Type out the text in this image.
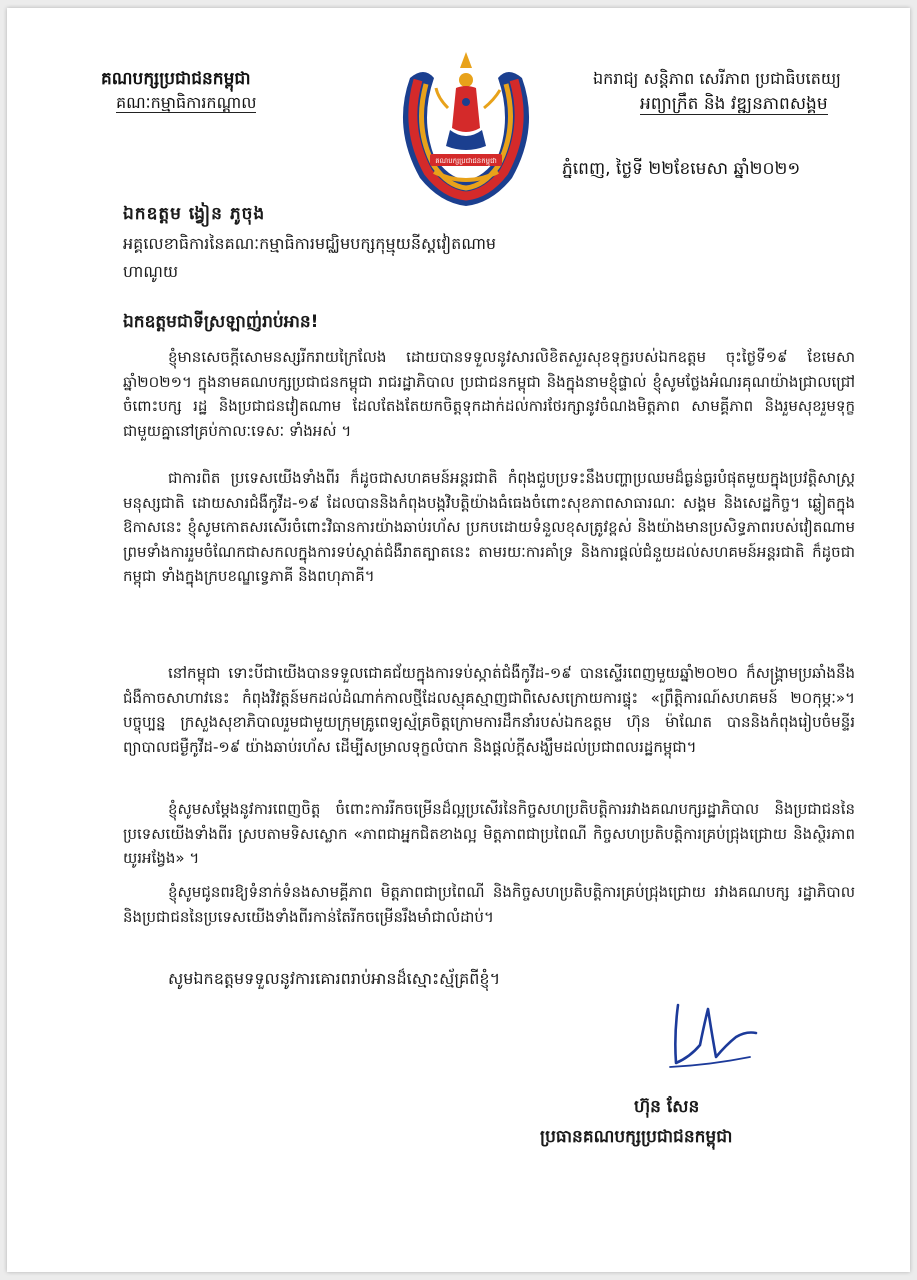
គណបក្សប្រជាជនកម្ពុជា
គណៈកម្មាធិការកណ្តាល
គណបក្សប្រជាជនកម្ពុជា
ឯករាជ្យ សន្តិភាព សេរីភាព ប្រជាធិបតេយ្យ
អព្យាក្រឹត និង វឌ្ឍនភាពសង្គម
ភ្នំពេញ, ថ្ងៃទី ២២ខែមេសា ឆ្នាំ២០២១
ឯកឧត្តម ង្វៀន ភូ​ចុង
អគ្គលេខាធិការនៃគណៈកម្មាធិការមជ្ឈិមបក្សកុម្មុយនីស្តវៀតណាម
ហាណូយ
ឯកឧត្តមជាទីស្រឡាញ់រាប់អាន!
ខ្ញុំមានសេចក្តីសោមនស្សរីករាយក្រៃលែង ដោយបានទទួលនូវសារលិខិតសួរសុខទុក្ខរបស់ឯកឧត្តម ចុះថ្ងៃទី១៩ ខែមេសា ឆ្នាំ២០២១។ ក្នុងនាមគណបក្សប្រជាជនកម្ពុជា រាជរដ្ឋាភិបាល ប្រជាជនកម្ពុជា និងក្នុងនាមខ្ញុំផ្ទាល់ ខ្ញុំសូមថ្លែងអំណរគុណយ៉ាងជ្រាលជ្រៅចំពោះបក្ស រដ្ឋ និងប្រជាជនវៀតណាម ដែលតែងតែយកចិត្តទុកដាក់ដល់ការថែរក្សានូវចំណងមិត្តភាព សាមគ្គីភាព និងរួមសុខរួមទុក្ខជាមួយគ្នានៅគ្រប់កាលៈទេសៈ ទាំងអស់ ។
ជាការពិត ប្រទេសយើងទាំងពីរ ក៏ដូចជាសហគមន៍អន្តរជាតិ កំពុងជួបប្រទះនឹងបញ្ហាប្រឈមដ៏ធ្ងន់ធ្ងរបំផុតមួយក្នុងប្រវត្តិសាស្ត្រមនុស្សជាតិ ដោយសារជំងឺកូវីដ-១៩ ដែលបាននិងកំពុងបង្កវិបត្តិយ៉ាងធំធេងចំពោះសុខភាពសាធារណៈ សង្គម និងសេដ្ឋកិច្ច។ ឆ្លៀតក្នុងឱកាសនេះ ខ្ញុំសូមកោតសរសើរចំពោះវិធានការយ៉ាងឆាប់រហ័ស ប្រកបដោយទំនួលខុសត្រូវខ្ពស់ និងយ៉ាងមានប្រសិទ្ធភាពរបស់វៀតណាម ព្រមទាំងការរួមចំណែកជាសកលក្នុងការទប់ស្កាត់ជំងឺរាតត្បាតនេះ តាមរយៈការគាំទ្រ និងការផ្តល់ជំនួយដល់សហគមន៍អន្តរជាតិ ក៏ដូចជាកម្ពុជា ទាំងក្នុងក្របខណ្ឌទ្វេភាគី និងពហុភាគី។
នៅកម្ពុជា ទោះបីជាយើងបានទទួលជោគជ័យក្នុងការទប់ស្កាត់ជំងឺកូវីដ-១៩ បានស្ទើរពេញមួយឆ្នាំ២០២០ ក៏សង្គ្រាមប្រឆាំងនឹងជំងឺកាចសាហាវនេះ កំពុងវិវត្តន៍មកដល់ដំណាក់កាលថ្មីដែលស្មុគស្មាញជាពិសេសក្រោយការផ្ទុះ «ព្រឹត្តិការណ៍សហគមន៍ ២០កុម្ភៈ»។ បច្ចុប្បន្ន ក្រសួងសុខាភិបាលរួមជាមួយក្រុមគ្រូពេទ្យស្ម័គ្រចិត្តក្រោមការដឹកនាំរបស់ឯកឧត្តម ហ៊ុន ម៉ាណែត បាននិងកំពុងរៀបចំមន្ទីរព្យាបាលជម្ងឺកូវីដ-១៩ យ៉ាងឆាប់រហ័ស ដើម្បីសម្រាលទុក្ខលំបាក និងផ្តល់ក្តីសង្ឃឹមដល់ប្រជាពលរដ្ឋកម្ពុជា។
ខ្ញុំសូមសម្តែងនូវការពេញចិត្ត ចំពោះការរីកចម្រើនដ៏ល្អប្រសើរនៃកិច្ចសហប្រតិបត្តិការរវាងគណបក្សរដ្ឋាភិបាល និងប្រជាជននៃប្រទេសយើងទាំងពីរ ស្របតាមទិសស្លោក «ភាពជាអ្នកជិតខាងល្អ មិត្តភាពជាប្រពៃណី កិច្ចសហប្រតិបត្តិការគ្រប់ជ្រុងជ្រោយ និងស្ថិរភាពយូរអង្វែង» ។
ខ្ញុំសូមជូនពរឱ្យទំនាក់ទំនងសាមគ្គីភាព មិត្តភាពជាប្រពៃណី និងកិច្ចសហប្រតិបត្តិការគ្រប់ជ្រុងជ្រោយ រវាងគណបក្ស រដ្ឋាភិបាល និងប្រជាជននៃប្រទេសយើងទាំងពីរកាន់តែរីកចម្រើនរឹងមាំជាលំដាប់។
សូមឯកឧត្តមទទួលនូវការគោរពរាប់អានដ៏ស្មោះស្ម័គ្រពីខ្ញុំ។
ហ៊ុន សែន
ប្រធានគណបក្សប្រជាជនកម្ពុជា
